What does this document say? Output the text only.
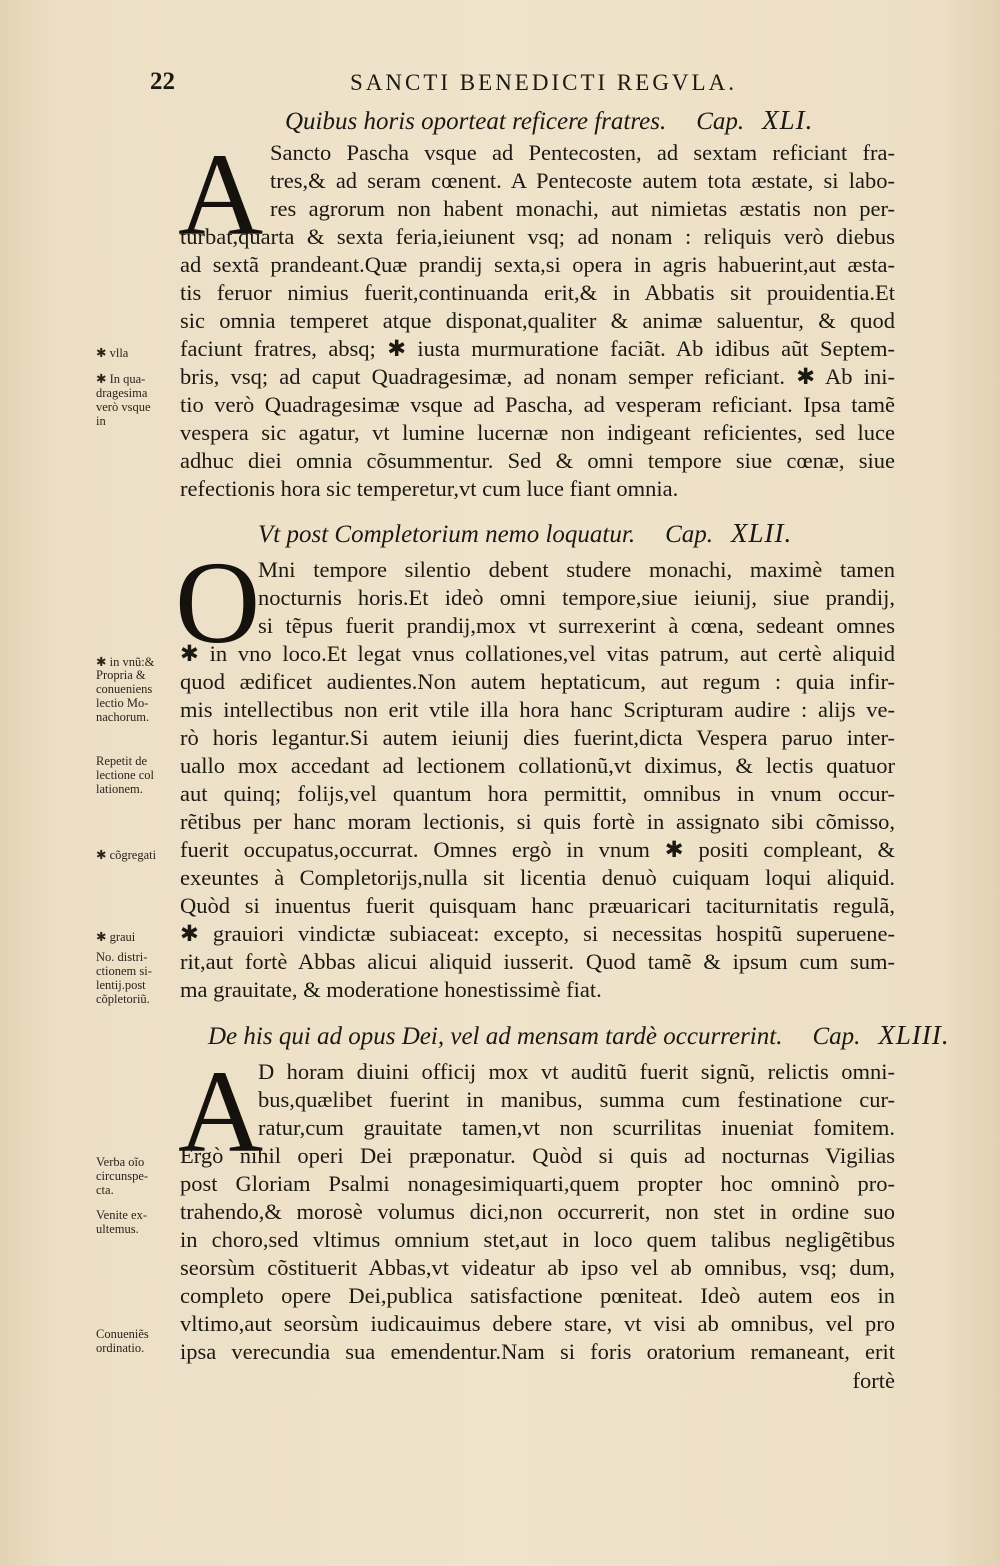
22	SANCTI BENEDICTI REGVLA.
Quibus horis oporteat reficere fratres. Cap. XLI.
A Sancto Pascha vsque ad Pentecosten, ad sextam reficiant fra-
tres,& ad seram cœnent. A Pentecoste autem tota æstate, si labo-
res agrorum non habent monachi, aut nimietas æstatis non per-
turbat,quarta & sexta feria,ieiunent vsq; ad nonam : reliquis verò diebus
ad sextã prandeant.Quæ prandij sexta,si opera in agris habuerint,aut æsta-
tis feruor nimius fuerit,continuanda erit,& in Abbatis sit prouidentia.Et
sic omnia temperet atque disponat,qualiter & animæ saluentur, & quod
faciunt fratres, absq; ✱ iusta murmuratione faciãt. Ab idibus aũt Septem-
bris, vsq; ad caput Quadragesimæ, ad nonam semper reficiant. ✱ Ab ini-
tio verò Quadragesimæ vsque ad Pascha, ad vesperam reficiant. Ipsa tamẽ
vespera sic agatur, vt lumine lucernæ non indigeant reficientes, sed luce
adhuc diei omnia cõsummentur. Sed & omni tempore siue cœnæ, siue
refectionis hora sic temperetur,vt cum luce fiant omnia.
Vt post Completorium nemo loquatur. Cap. XLII.
O
Mni tempore silentio debent studere monachi, maximè tamen
nocturnis horis.Et ideò omni tempore,siue ieiunij, siue prandij,
si tẽpus fuerit prandij,mox vt surrexerint à cœna, sedeant omnes
✱ in vno loco.Et legat vnus collationes,vel vitas patrum, aut certè aliquid
quod ædificet audientes.Non autem heptaticum, aut regum : quia infir-
mis intellectibus non erit vtile illa hora hanc Scripturam audire : alijs ve-
rò horis legantur.Si autem ieiunij dies fuerint,dicta Vespera paruo inter-
uallo mox accedant ad lectionem collationũ,vt diximus, & lectis quatuor
aut quinq; folijs,vel quantum hora permittit, omnibus in vnum occur-
rẽtibus per hanc moram lectionis, si quis fortè in assignato sibi cõmisso,
fuerit occupatus,occurrat. Omnes ergò in vnum ✱ positi compleant, &
exeuntes à Completorijs,nulla sit licentia denuò cuiquam loqui aliquid.
Quòd si inuentus fuerit quisquam hanc præuaricari taciturnitatis regulã,
✱ grauiori vindictæ subiaceat: excepto, si necessitas hospitũ superuene-
rit,aut fortè Abbas alicui aliquid iusserit. Quod tamẽ & ipsum cum sum-
ma grauitate, & moderatione honestissimè fiat.
De his qui ad opus Dei, vel ad mensam tardè occurrerint. Cap. XLIII.
A
D horam diuini officij mox vt auditũ fuerit signũ, relictis omni-
bus,quælibet fuerint in manibus, summa cum festinatione cur-
ratur,cum grauitate tamen,vt non scurrilitas inueniat fomitem.
Ergò nihil operi Dei præponatur. Quòd si quis ad nocturnas Vigilias
post Gloriam Psalmi nonagesimiquarti,quem propter hoc omninò pro-
trahendo,& morosè volumus dici,non occurrerit, non stet in ordine suo
in choro,sed vltimus omnium stet,aut in loco quem talibus negligẽtibus
seorsùm cõstituerit Abbas,vt videatur ab ipso vel ab omnibus, vsq; dum,
completo opere Dei,publica satisfactione pœniteat. Ideò autem eos in
vltimo,aut seorsùm iudicauimus debere stare, vt visi ab omnibus, vel pro
ipsa verecundia sua emendentur.Nam si foris oratorium remaneant, erit
fortè
✱ vlla
✱ In qua-
dragesima
verò vsque
in
✱ in vnũ:&
Propria &
conueniens
lectio Mo-
nachorum.
Repetit de
lectione col
lationem.
✱ cõgregati
✱ graui
No. distri-
ctionem si-
lentij.post
cõpletoriũ.
Verba oĩo
circunspe-
cta.
Venite ex-
ultemus.
Conueniẽs
ordinatio.
